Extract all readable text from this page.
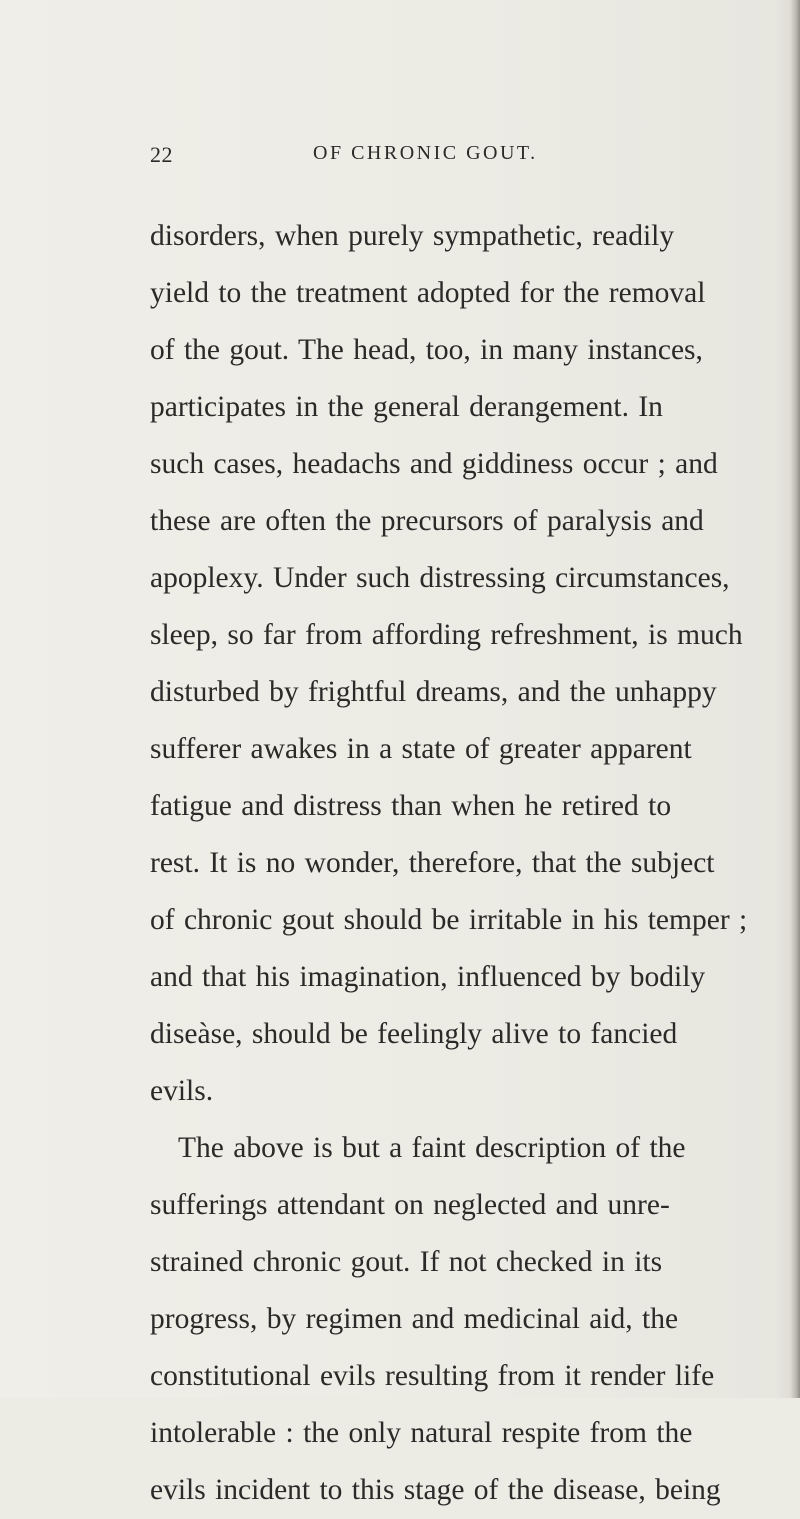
22	OF CHRONIC GOUT.
disorders, when purely sympathetic, readily
yield to the treatment adopted for the removal
of the gout. The head, too, in many instances,
participates in the general derangement. In
such cases, headachs and giddiness occur ; and
these are often the precursors of paralysis and
apoplexy. Under such distressing circumstances,
sleep, so far from affording refreshment, is much
disturbed by frightful dreams, and the unhappy
sufferer awakes in a state of greater apparent
fatigue and distress than when he retired to
rest. It is no wonder, therefore, that the subject
of chronic gout should be irritable in his temper ;
and that his imagination, influenced by bodily
diseàse, should be feelingly alive to fancied
evils.
The above is but a faint description of the
sufferings attendant on neglected and unre-
strained chronic gout. If not checked in its
progress, by regimen and medicinal aid, the
constitutional evils resulting from it render life
intolerable : the only natural respite from the
evils incident to this stage of the disease, being
